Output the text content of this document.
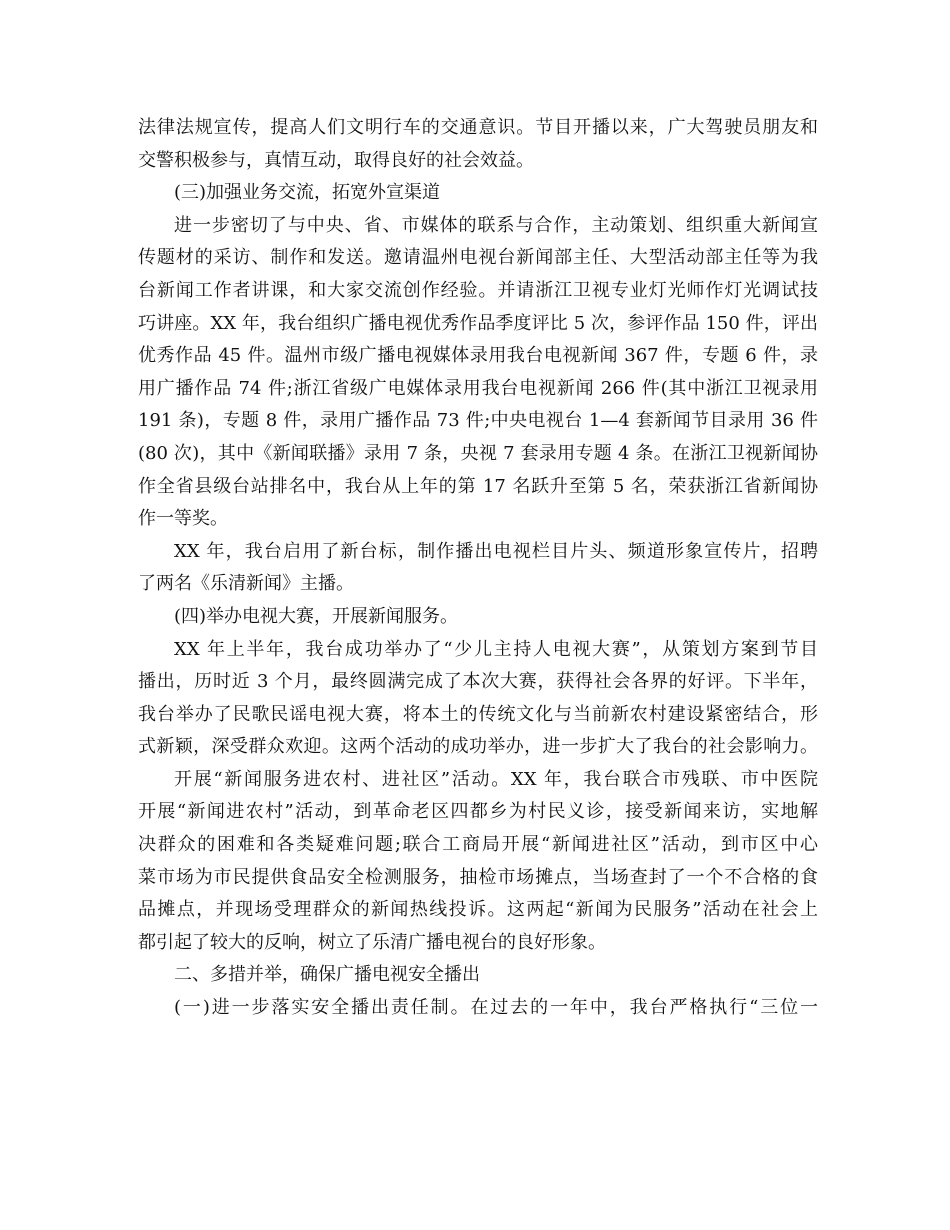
法律法规宣传，提高人们文明行车的交通意识。节目开播以来，广大驾驶员朋友和
交警积极参与，真情互动，取得良好的社会效益。
(三)加强业务交流，拓宽外宣渠道
进一步密切了与中央、省、市媒体的联系与合作，主动策划、组织重大新闻宣
传题材的采访、制作和发送。邀请温州电视台新闻部主任、大型活动部主任等为我
台新闻工作者讲课，和大家交流创作经验。并请浙江卫视专业灯光师作灯光调试技
巧讲座。XX 年，我台组织广播电视优秀作品季度评比 5 次，参评作品 150 件，评出
优秀作品 45 件。温州市级广播电视媒体录用我台电视新闻 367 件，专题 6 件，录
用广播作品 74 件;浙江省级广电媒体录用我台电视新闻 266 件(其中浙江卫视录用
191 条)，专题 8 件，录用广播作品 73 件;中央电视台 1—4 套新闻节目录用 36 件
(80 次)，其中《新闻联播》录用 7 条，央视 7 套录用专题 4 条。在浙江卫视新闻协
作全省县级台站排名中，我台从上年的第 17 名跃升至第 5 名，荣获浙江省新闻协
作一等奖。
XX 年，我台启用了新台标，制作播出电视栏目片头、频道形象宣传片，招聘
了两名《乐清新闻》主播。
(四)举办电视大赛，开展新闻服务。
XX 年上半年，我台成功举办了“少儿主持人电视大赛”，从策划方案到节目
播出，历时近 3 个月，最终圆满完成了本次大赛，获得社会各界的好评。下半年，
我台举办了民歌民谣电视大赛，将本土的传统文化与当前新农村建设紧密结合，形
式新颖，深受群众欢迎。这两个活动的成功举办，进一步扩大了我台的社会影响力。
开展“新闻服务进农村、进社区”活动。XX 年，我台联合市残联、市中医院
开展“新闻进农村”活动，到革命老区四都乡为村民义诊，接受新闻来访，实地解
决群众的困难和各类疑难问题;联合工商局开展“新闻进社区”活动，到市区中心
菜市场为市民提供食品安全检测服务，抽检市场摊点，当场查封了一个不合格的食
品摊点，并现场受理群众的新闻热线投诉。这两起“新闻为民服务”活动在社会上
都引起了较大的反响，树立了乐清广播电视台的良好形象。
二、多措并举，确保广播电视安全播出
(一)进一步落实安全播出责任制。在过去的一年中，我台严格执行“三位一
